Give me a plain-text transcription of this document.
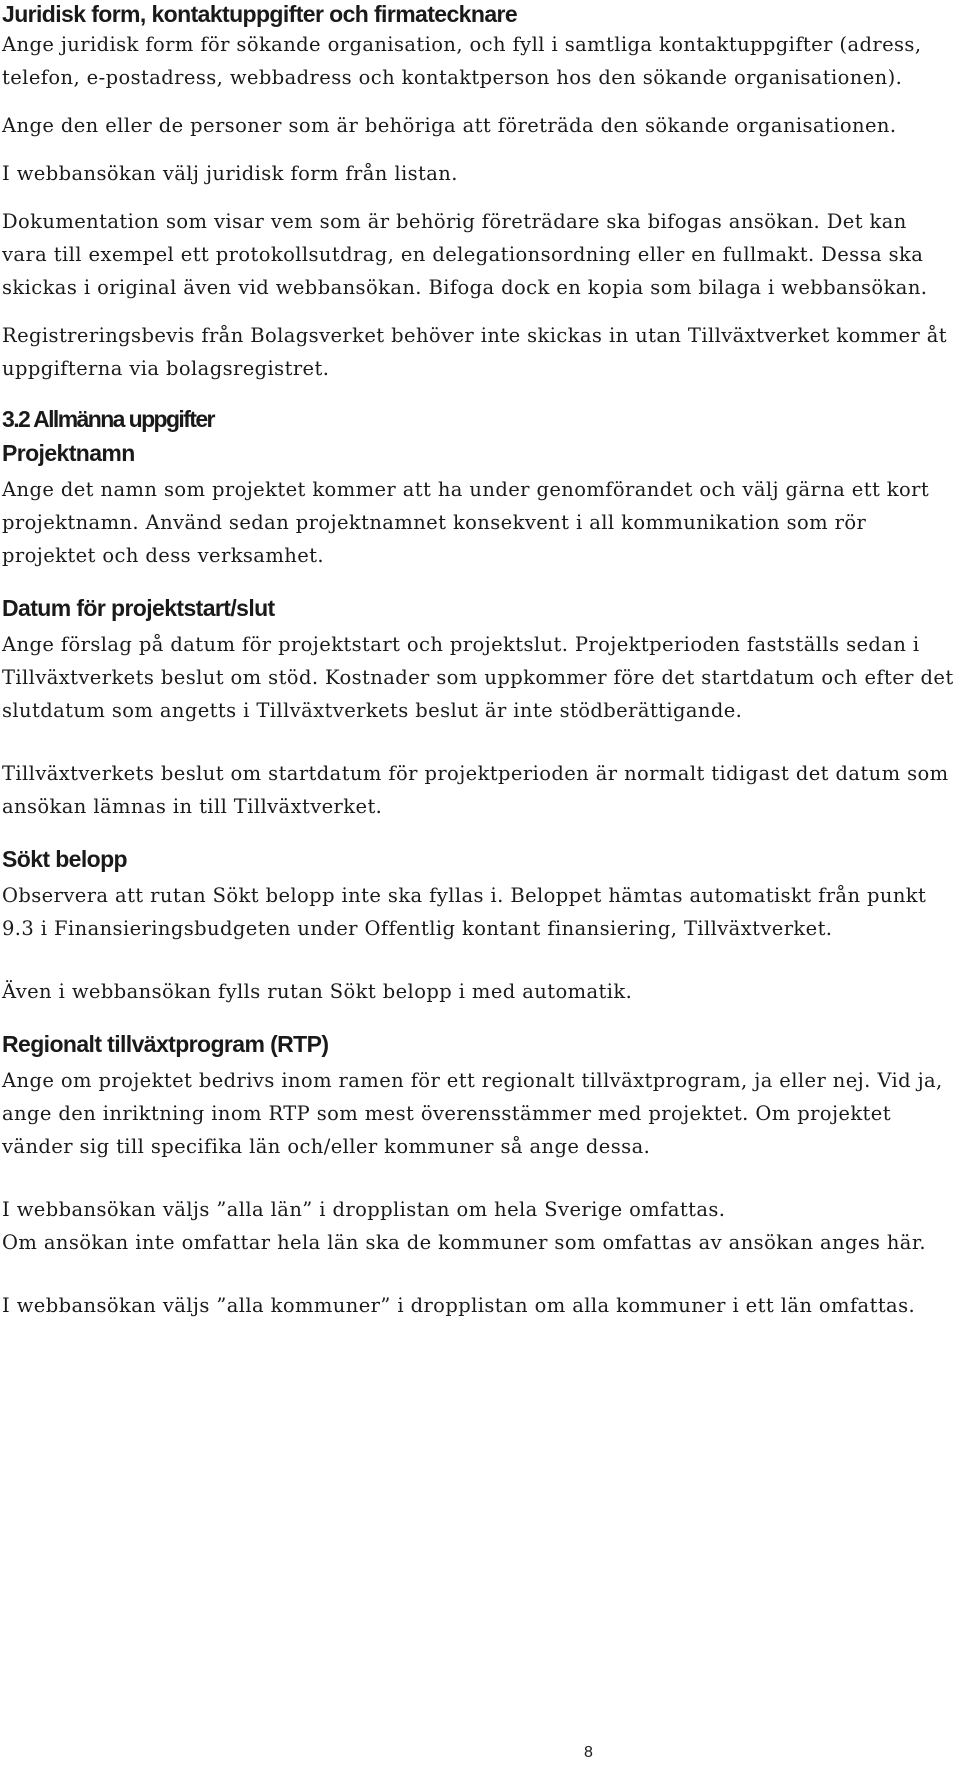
Juridisk form, kontaktuppgifter och firmatecknare

Ange juridisk form för sökande organisation, och fyll i samtliga kontaktuppgifter (adress, telefon, e-postadress, webbadress och kontaktperson hos den sökande organisationen).

Ange den eller de personer som är behöriga att företräda den sökande organisationen.

I webbansökan välj juridisk form från listan.

Dokumentation som visar vem som är behörig företrädare ska bifogas ansökan. Det kan vara till exempel ett protokollsutdrag, en delegationsordning eller en fullmakt. Dessa ska skickas i original även vid webbansökan. Bifoga dock en kopia som bilaga i webbansökan.

Registreringsbevis från Bolagsverket behöver inte skickas in utan Tillväxtverket kommer åt uppgifterna via bolagsregistret.

3.2 Allmänna uppgifter
Projektnamn

Ange det namn som projektet kommer att ha under genomförandet och välj gärna ett kort projektnamn. Använd sedan projektnamnet konsekvent i all kommunikation som rör projektet och dess verksamhet.

Datum för projektstart/slut

Ange förslag på datum för projektstart och projektslut. Projektperioden fastställs sedan i Tillväxtverkets beslut om stöd. Kostnader som uppkommer före det startdatum och efter det slutdatum som angetts i Tillväxtverkets beslut är inte stödberättigande.

Tillväxtverkets beslut om startdatum för projektperioden är normalt tidigast det datum som ansökan lämnas in till Tillväxtverket.

Sökt belopp

Observera att rutan Sökt belopp inte ska fyllas i. Beloppet hämtas automatiskt från punkt 9.3 i Finansieringsbudgeten under Offentlig kontant finansiering, Tillväxtverket.

Även i webbansökan fylls rutan Sökt belopp i med automatik.

Regionalt tillväxtprogram (RTP)

Ange om projektet bedrivs inom ramen för ett regionalt tillväxtprogram, ja eller nej. Vid ja, ange den inriktning inom RTP som mest överensstämmer med projektet. Om projektet vänder sig till specifika län och/eller kommuner så ange dessa.

I webbansökan väljs ”alla län” i dropplistan om hela Sverige omfattas.

Om ansökan inte omfattar hela län ska de kommuner som omfattas av ansökan anges här.

I webbansökan väljs ”alla kommuner” i dropplistan om alla kommuner i ett län omfattas.

8
